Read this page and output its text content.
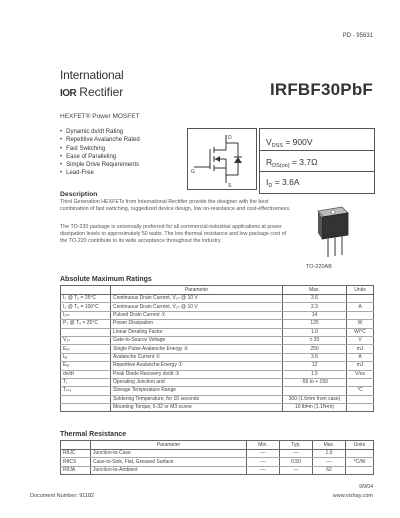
PD - 95631
International
IOR Rectifier	IRFBF30PbF
HEXFET® Power MOSFET
• Dynamic dv/dt Rating
• Repetitive Avalanche Rated
• Fast Switching
• Ease of Paralleling
• Simple Drive Requirements
• Lead-Free
D
G
S
$V_{DSS} = 900V$
$R_{DS(on)} = 3.7\Omega$
$I_D = 3.6A$
Description

Third Generation HEXFETs from International Rectifier provide the designer with the best combination of fast switching, ruggedized device design, low on-resistance and cost-effectiveness.

The TO-220 package is universally preferred for all commercial-industrial applications at power dissipation levels to approximately 50 watts. The low thermal resistance and low package cost of the TO-220 contribute to its wide acceptance throughout the industry.

TO-220AB
Absolute Maximum Ratings
	Parameter	Max.	Units
I₂ @ T₉ = 25°C	Continuous Drain Current, V₂ₛ @ 10 V	3.6	
I₂ @ T₉ = 100°C	Continuous Drain Current, V₂ₛ @ 10 V	2.3	A
I₂ₘ	Pulsed Drain Current ①	14	
P₂ @ T₉ = 25°C	Power Dissipation	125	W
	Linear Derating Factor	1.0	W/°C
V₂ₛ	Gate-to-Source Voltage	± 20	V
Eₐₛ	Single Pulse Avalanche Energy ②	250	mJ
Iₐᵣ	Avalanche Current ①	3.6	A
Eₐᵣ	Repetitive Avalanche Energy ①	12	mJ
dv/dt	Peak Diode Recovery dv/dt ③	1.5	V/ns
Tⱼ	Operating Junction and	-55 to + 150	
Tₛₜ₉	Storage Temperature Range		°C
	Soldering Temperature, for 10 seconds	300 (1.6mm from case)	
	Mounting Torque, 6-32 or M3 screw	10 lbf•in (1.1N•m)	
Thermal Resistance
	Parameter	Min.	Typ.	Max.	Units
RθJC	Junction-to-Case	—	—	1.0	
RθCS	Case-to-Sink, Flat, Greased Surface	—	0.50	—	°C/W
RθJA	Junction-to-Ambient	—	—	62	
9/9/04
Document Number: 91182	www.vishay.com
